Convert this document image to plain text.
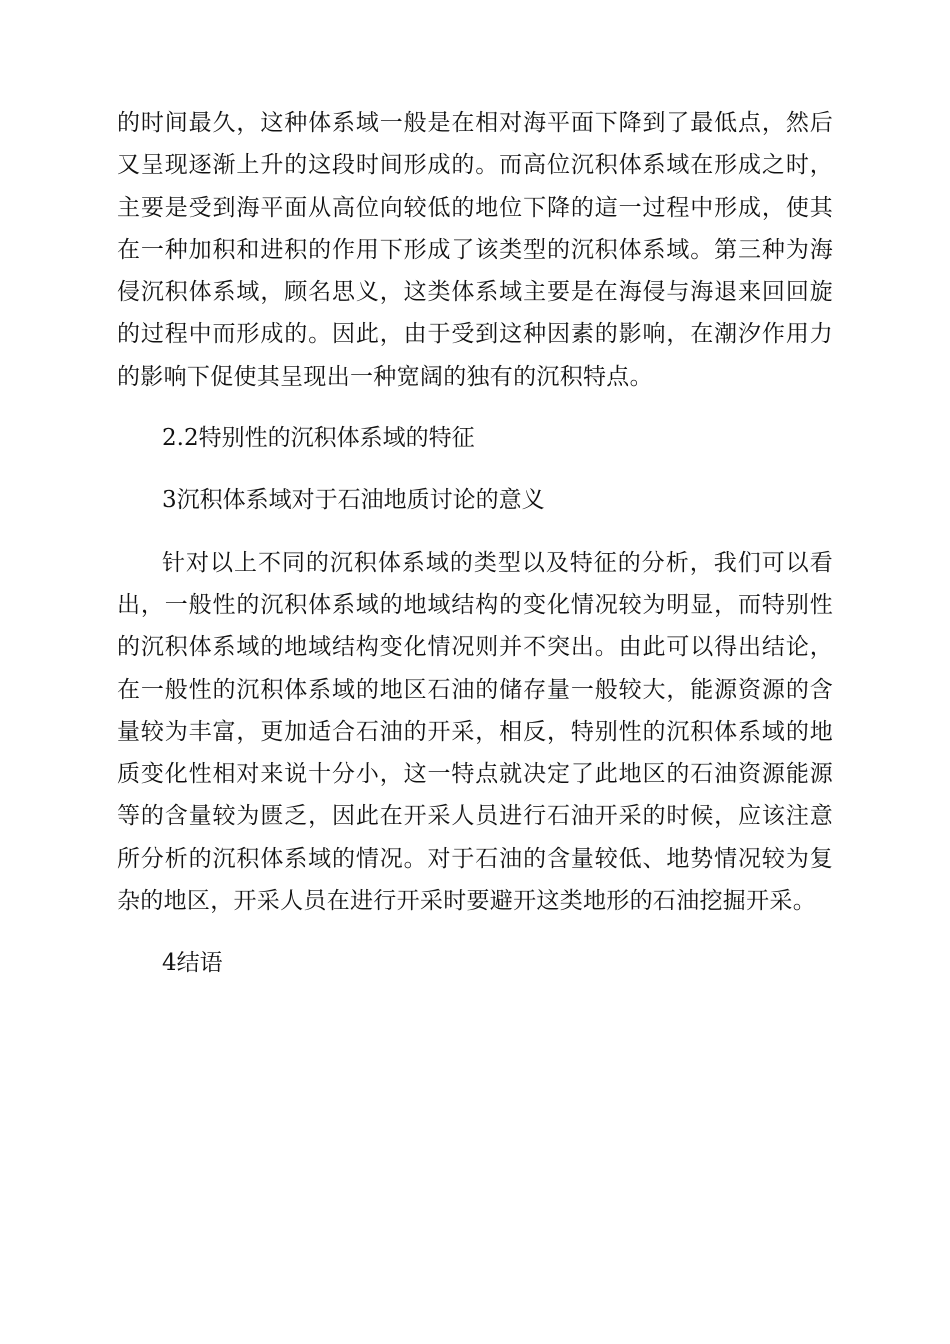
的时间最久，这种体系域一般是在相对海平面下降到了最低点，然后又呈现逐渐上升的这段时间形成的。而高位沉积体系域在形成之时，主要是受到海平面从高位向较低的地位下降的這一过程中形成，使其在一种加积和进积的作用下形成了该类型的沉积体系域。第三种为海侵沉积体系域，顾名思义，这类体系域主要是在海侵与海退来回回旋的过程中而形成的。因此，由于受到这种因素的影响，在潮汐作用力的影响下促使其呈现出一种宽阔的独有的沉积特点。

2.2特别性的沉积体系域的特征

3沉积体系域对于石油地质讨论的意义

针对以上不同的沉积体系域的类型以及特征的分析，我们可以看出，一般性的沉积体系域的地域结构的变化情况较为明显，而特别性的沉积体系域的地域结构变化情况则并不突出。由此可以得出结论，在一般性的沉积体系域的地区石油的储存量一般较大，能源资源的含量较为丰富，更加适合石油的开采，相反，特别性的沉积体系域的地质变化性相对来说十分小，这一特点就决定了此地区的石油资源能源等的含量较为匮乏，因此在开采人员进行石油开采的时候，应该注意所分析的沉积体系域的情况。对于石油的含量较低、地势情况较为复杂的地区，开采人员在进行开采时要避开这类地形的石油挖掘开采。

4结语
